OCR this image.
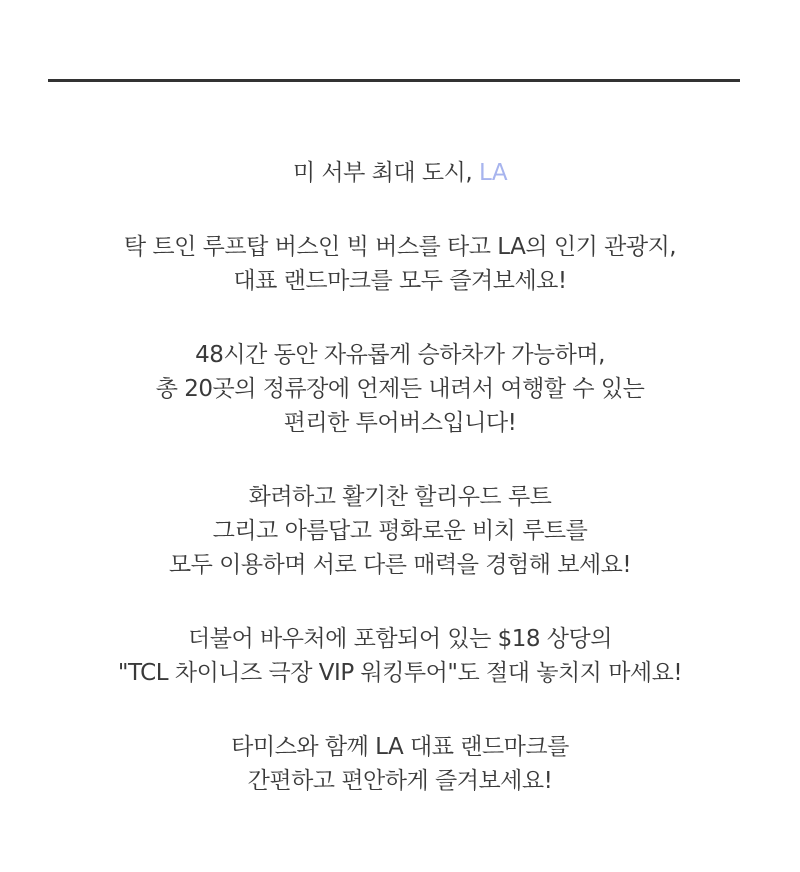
미 서부 최대 도시, LA
탁 트인 루프탑 버스인 빅 버스를 타고 LA의 인기 관광지,
대표 랜드마크를 모두 즐겨보세요!
48시간 동안 자유롭게 승하차가 가능하며,
총 20곳의 정류장에 언제든 내려서 여행할 수 있는
편리한 투어버스입니다!
화려하고 활기찬 할리우드 루트
그리고 아름답고 평화로운 비치 루트를
모두 이용하며 서로 다른 매력을 경험해 보세요!
더불어 바우처에 포함되어 있는 $18 상당의
"TCL 차이니즈 극장 VIP 워킹투어"도 절대 놓치지 마세요!
타미스와 함께 LA 대표 랜드마크를
간편하고 편안하게 즐겨보세요!
